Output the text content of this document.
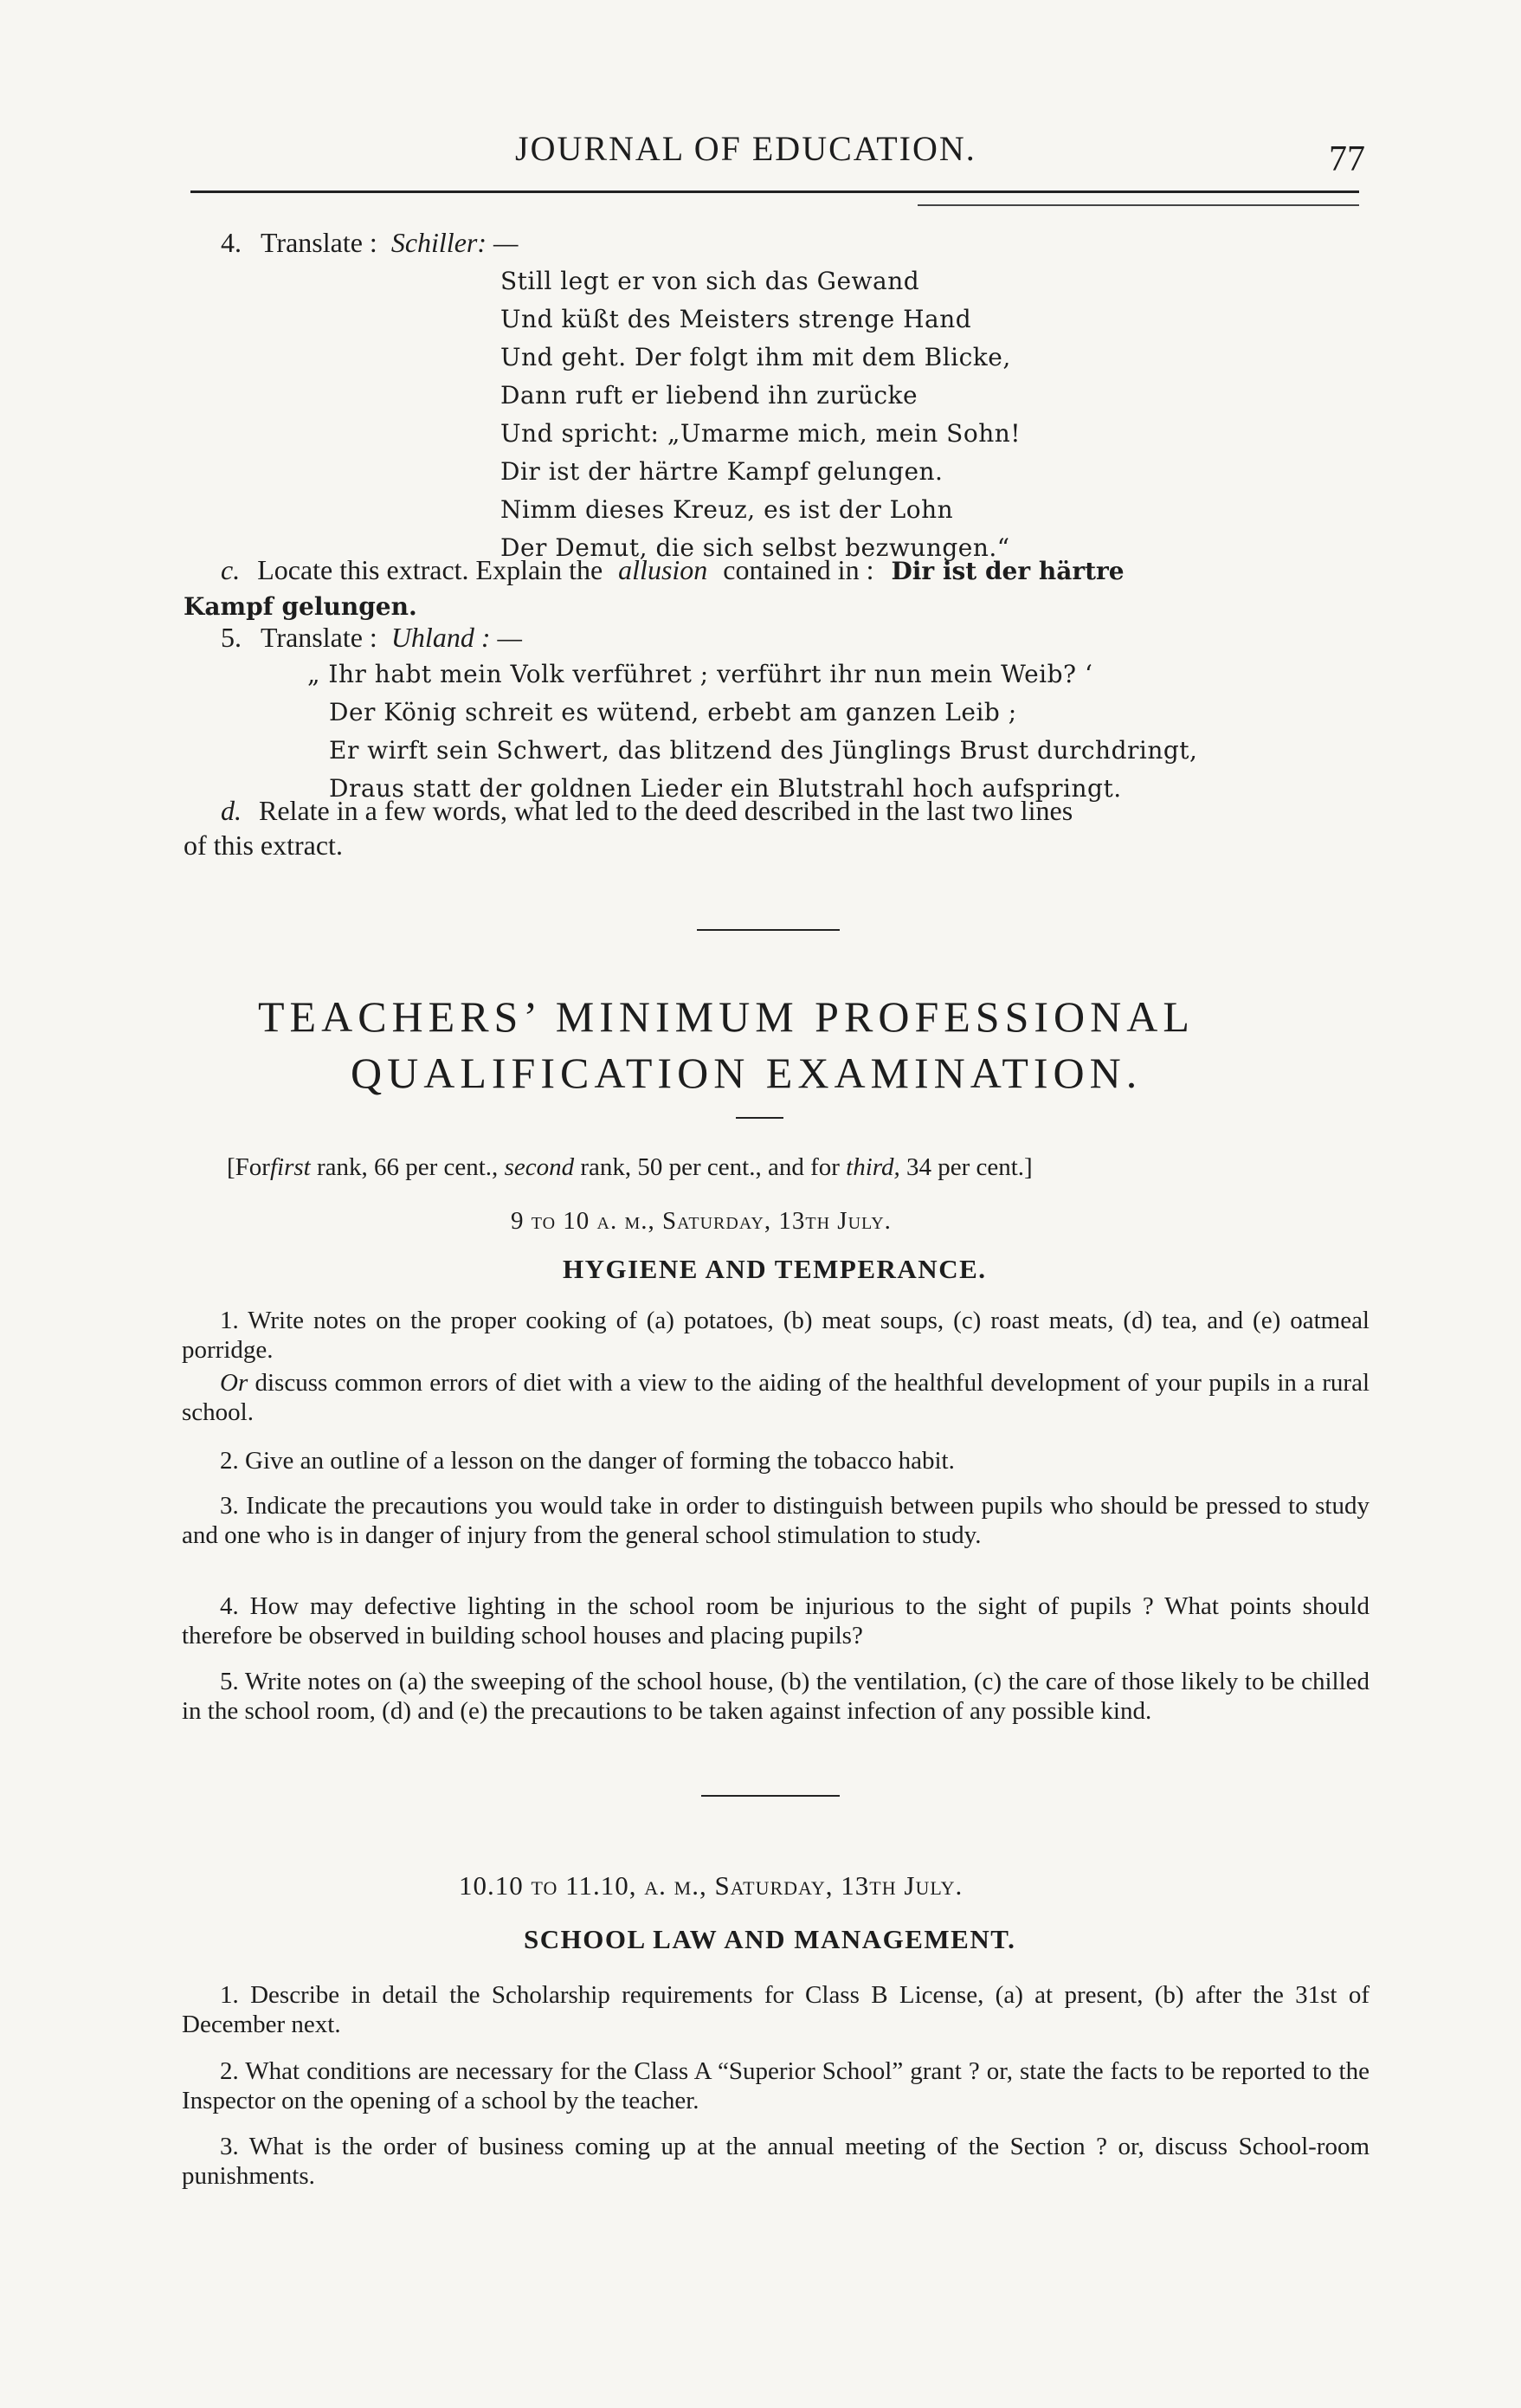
JOURNAL OF EDUCATION.	77
4. Translate : Schiller: —
Still legt er von sich das Gewand
Und küßt des Meisters strenge Hand
Und geht. Der folgt ihm mit dem Blicke,
Dann ruft er liebend ihn zurücke
Und spricht: „Umarme mich, mein Sohn!
Dir ist der härtre Kampf gelungen.
Nimm dieses Kreuz, es ist der Lohn
Der Demut, die sich selbst bezwungen.“
c. Locate this extract. Explain the allusion contained in : Dir ist der härtre
Kampf gelungen.
5. Translate : Uhland : —
„ Ihr habt mein Volk verführet ; verführt ihr nun mein Weib? ‘
Der König schreit es wütend, erbebt am ganzen Leib ;
Er wirft sein Schwert, das blitzend des Jünglings Brust durchdringt,
Draus statt der goldnen Lieder ein Blutstrahl hoch aufspringt.
d. Relate in a few words, what led to the deed described in the last two lines
of this extract.
TEACHERS’ MINIMUM PROFESSIONAL
QUALIFICATION EXAMINATION.
[Forfirst rank, 66 per cent., second rank, 50 per cent., and for third, 34 per cent.]
9 to 10 a. m., Saturday, 13th July.
HYGIENE AND TEMPERANCE.
1. Write notes on the proper cooking of (a) potatoes, (b) meat soups, (c) roast meats, (d) tea, and (e) oatmeal porridge.
Or discuss common errors of diet with a view to the aiding of the healthful development of your pupils in a rural school.
2. Give an outline of a lesson on the danger of forming the tobacco habit.
3. Indicate the precautions you would take in order to distinguish between pupils who should be pressed to study and one who is in danger of injury from the general school stimulation to study.
4. How may defective lighting in the school room be injurious to the sight of pupils ? What points should therefore be observed in building school houses and placing pupils?
5. Write notes on (a) the sweeping of the school house, (b) the ventilation, (c) the care of those likely to be chilled in the school room, (d) and (e) the precautions to be taken against infection of any possible kind.
10.10 to 11.10, a. m., Saturday, 13th July.
SCHOOL LAW AND MANAGEMENT.
1. Describe in detail the Scholarship requirements for Class B License, (a) at present, (b) after the 31st of December next.
2. What conditions are necessary for the Class A “Superior School” grant ? or, state the facts to be reported to the Inspector on the opening of a school by the teacher.
3. What is the order of business coming up at the annual meeting of the Section ? or, discuss School-room punishments.
